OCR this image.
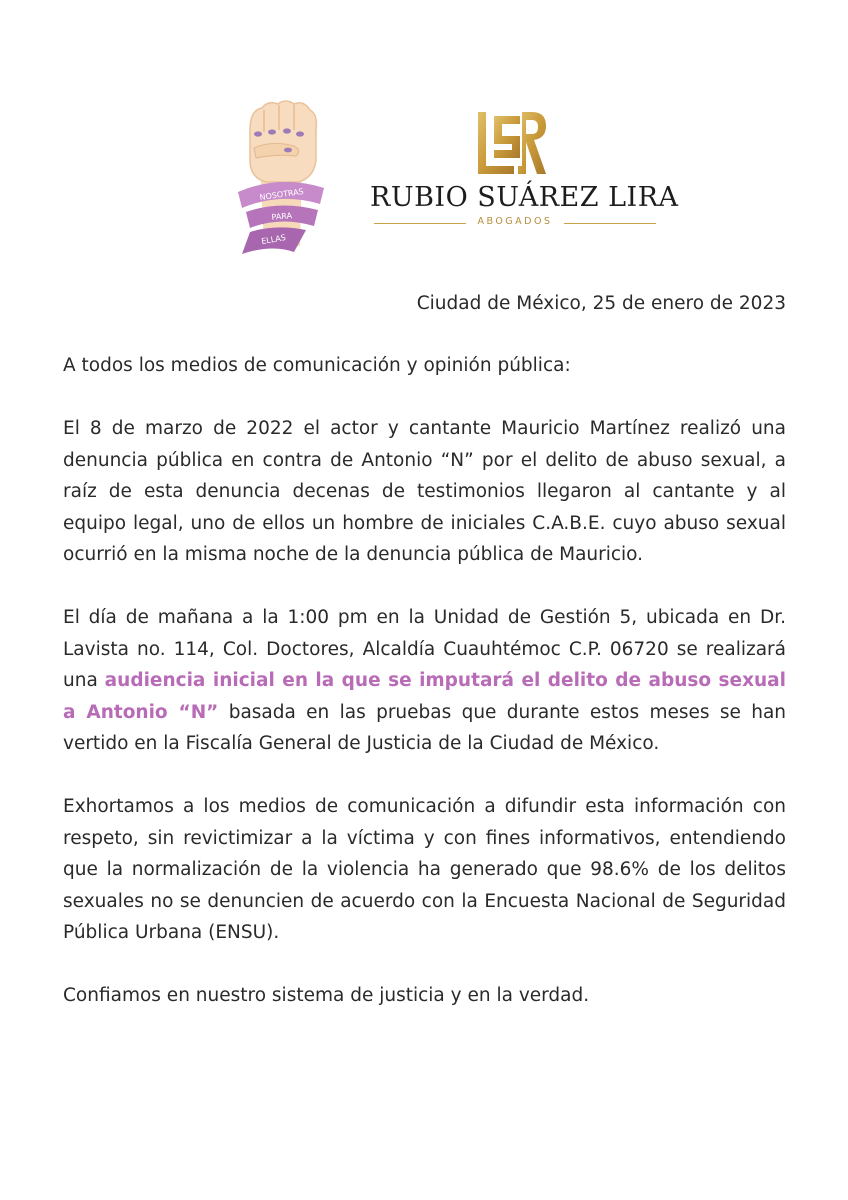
NOSOTRAS
PARA
ELLAS
RUBIO SUÁREZ LIRA
ABOGADOS
Ciudad de México, 25 de enero de 2023

A todos los medios de comunicación y opinión pública:

El 8 de marzo de 2022 el actor y cantante Mauricio Martínez realizó una denuncia pública en contra de Antonio “N” por el delito de abuso sexual, a raíz de esta denuncia decenas de testimonios llegaron al cantante y al equipo legal, uno de ellos un hombre de iniciales C.A.B.E. cuyo abuso sexual ocurrió en la misma noche de la denuncia pública de Mauricio.

El día de mañana a la 1:00 pm en la Unidad de Gestión 5, ubicada en Dr. Lavista no. 114, Col. Doctores, Alcaldía Cuauhtémoc C.P. 06720 se realizará una audiencia inicial en la que se imputará el delito de abuso sexual a Antonio “N” basada en las pruebas que durante estos meses se han vertido en la Fiscalía General de Justicia de la Ciudad de México.

Exhortamos a los medios de comunicación a difundir esta información con respeto, sin revictimizar a la víctima y con fines informativos, entendiendo que la normalización de la violencia ha generado que 98.6% de los delitos sexuales no se denuncien de acuerdo con la Encuesta Nacional de Seguridad Pública Urbana (ENSU).

Confiamos en nuestro sistema de justicia y en la verdad.
